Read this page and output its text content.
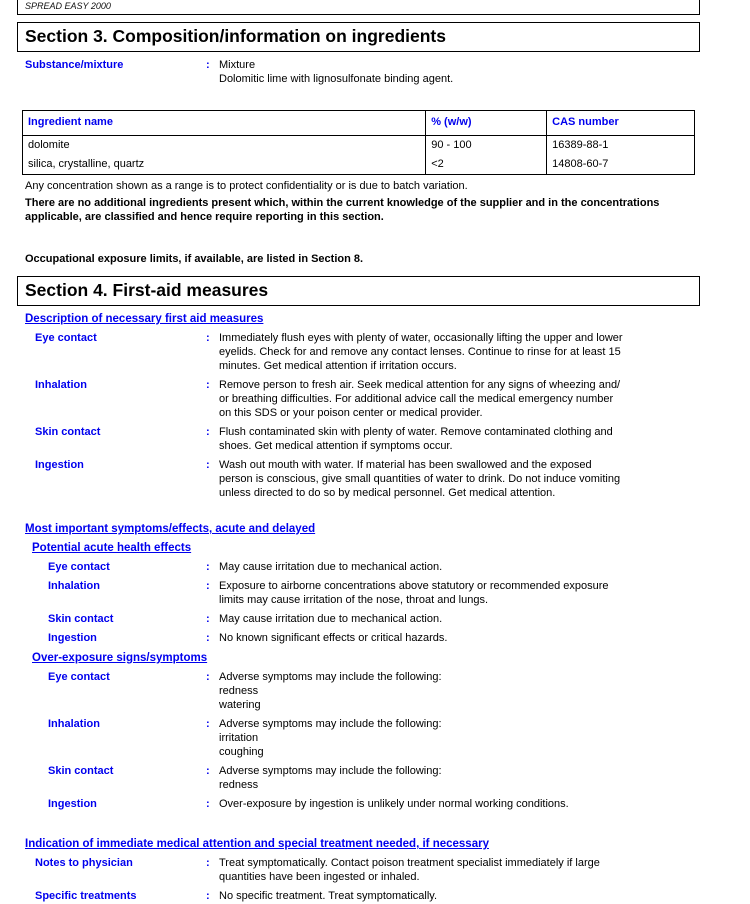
SPREAD EASY 2000
Section 3. Composition/information on ingredients
Substance/mixture	: Mixture
Dolomitic lime with lignosulfonate binding agent.
Ingredient name	% (w/w)	CAS number
dolomite	90 - 100	16389-88-1
silica, crystalline, quartz	<2	14808-60-7
Any concentration shown as a range is to protect confidentiality or is due to batch variation.
There are no additional ingredients present which, within the current knowledge of the supplier and in the concentrations applicable, are classified and hence require reporting in this section.
Occupational exposure limits, if available, are listed in Section 8.
Section 4. First-aid measures
Description of necessary first aid measures
Eye contact	: Immediately flush eyes with plenty of water, occasionally lifting the upper and lower
eyelids. Check for and remove any contact lenses. Continue to rinse for at least 15
minutes. Get medical attention if irritation occurs.
Inhalation	: Remove person to fresh air. Seek medical attention for any signs of wheezing and/
or breathing difficulties. For additional advice call the medical emergency number
on this SDS or your poison center or medical provider.
Skin contact	: Flush contaminated skin with plenty of water. Remove contaminated clothing and
shoes. Get medical attention if symptoms occur.
Ingestion	: Wash out mouth with water. If material has been swallowed and the exposed
person is conscious, give small quantities of water to drink. Do not induce vomiting
unless directed to do so by medical personnel. Get medical attention.
Most important symptoms/effects, acute and delayed
Potential acute health effects
Eye contact	: May cause irritation due to mechanical action.
Inhalation	: Exposure to airborne concentrations above statutory or recommended exposure
limits may cause irritation of the nose, throat and lungs.
Skin contact	: May cause irritation due to mechanical action.
Ingestion	: No known significant effects or critical hazards.
Over-exposure signs/symptoms
Eye contact	: Adverse symptoms may include the following:
redness
watering
Inhalation	: Adverse symptoms may include the following:
irritation
coughing
Skin contact	: Adverse symptoms may include the following:
redness
Ingestion	: Over-exposure by ingestion is unlikely under normal working conditions.
Indication of immediate medical attention and special treatment needed, if necessary
Notes to physician	: Treat symptomatically. Contact poison treatment specialist immediately if large
quantities have been ingested or inhaled.
Specific treatments	: No specific treatment. Treat symptomatically.
